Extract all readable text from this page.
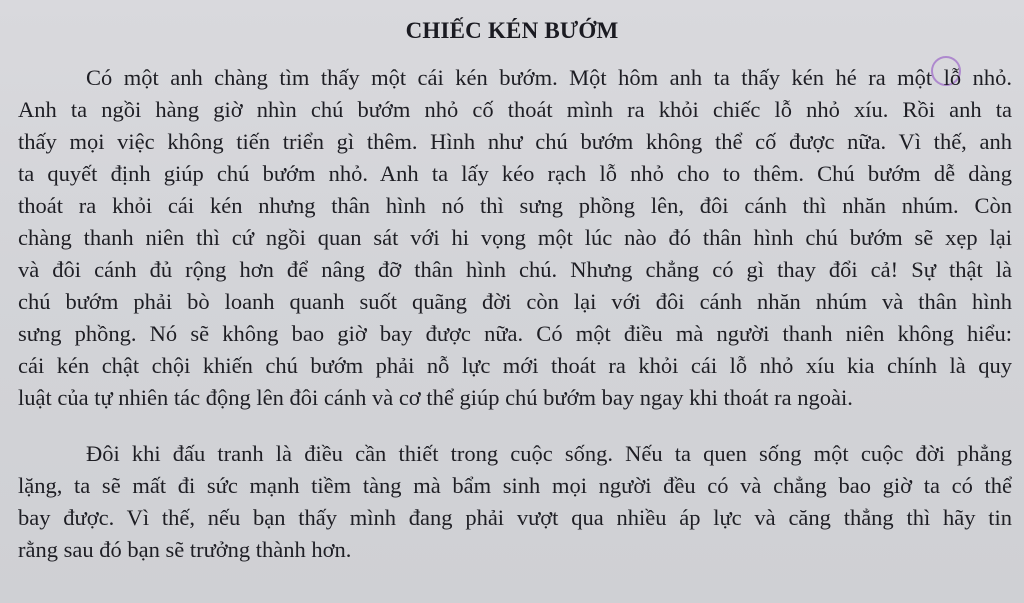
CHIẾC KÉN BƯỚM
Có một anh chàng tìm thấy một cái kén bướm. Một hôm anh ta thấy kén hé ra một lỗ nhỏ.
Anh ta ngồi hàng giờ nhìn chú bướm nhỏ cố thoát mình ra khỏi chiếc lỗ nhỏ xíu. Rồi anh ta
thấy mọi việc không tiến triển gì thêm. Hình như chú bướm không thể cố được nữa. Vì thế, anh
ta quyết định giúp chú bướm nhỏ. Anh ta lấy kéo rạch lỗ nhỏ cho to thêm. Chú bướm dễ dàng
thoát ra khỏi cái kén nhưng thân hình nó thì sưng phồng lên, đôi cánh thì nhăn nhúm. Còn
chàng thanh niên thì cứ ngồi quan sát với hi vọng một lúc nào đó thân hình chú bướm sẽ xẹp lại
và đôi cánh đủ rộng hơn để nâng đỡ thân hình chú. Nhưng chẳng có gì thay đổi cả! Sự thật là
chú bướm phải bò loanh quanh suốt quãng đời còn lại với đôi cánh nhăn nhúm và thân hình
sưng phồng. Nó sẽ không bao giờ bay được nữa. Có một điều mà người thanh niên không hiểu:
cái kén chật chội khiến chú bướm phải nỗ lực mới thoát ra khỏi cái lỗ nhỏ xíu kia chính là quy
luật của tự nhiên tác động lên đôi cánh và cơ thể giúp chú bướm bay ngay khi thoát ra ngoài.
Đôi khi đấu tranh là điều cần thiết trong cuộc sống. Nếu ta quen sống một cuộc đời phẳng
lặng, ta sẽ mất đi sức mạnh tiềm tàng mà bẩm sinh mọi người đều có và chẳng bao giờ ta có thể
bay được. Vì thế, nếu bạn thấy mình đang phải vượt qua nhiều áp lực và căng thẳng thì hãy tin
rằng sau đó bạn sẽ trưởng thành hơn.
